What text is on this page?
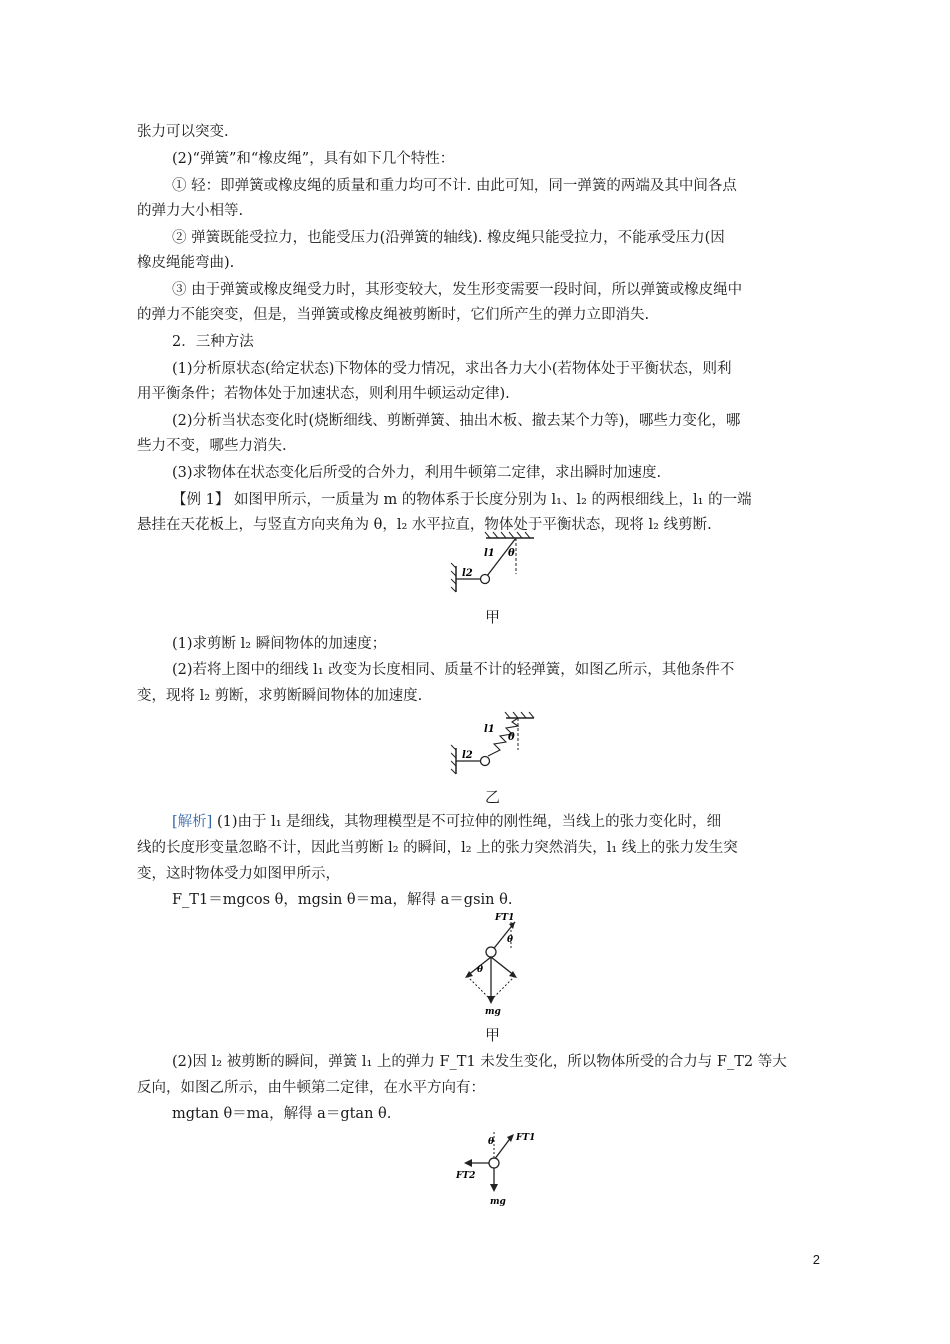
张力可以突变.
(2)“弹簧”和“橡皮绳”，具有如下几个特性：
① 轻：即弹簧或橡皮绳的质量和重力均可不计. 由此可知，同一弹簧的两端及其中间各点
的弹力大小相等.
② 弹簧既能受拉力，也能受压力(沿弹簧的轴线). 橡皮绳只能受拉力，不能承受压力(因
橡皮绳能弯曲).
③ 由于弹簧或橡皮绳受力时，其形变较大，发生形变需要一段时间，所以弹簧或橡皮绳中
的弹力不能突变，但是，当弹簧或橡皮绳被剪断时，它们所产生的弹力立即消失.
2．三种方法
(1)分析原状态(给定状态)下物体的受力情况，求出各力大小(若物体处于平衡状态，则利
用平衡条件；若物体处于加速状态，则利用牛顿运动定律).
(2)分析当状态变化时(烧断细线、剪断弹簧、抽出木板、撤去某个力等)，哪些力变化，哪
些力不变，哪些力消失.
(3)求物体在状态变化后所受的合外力，利用牛顿第二定律，求出瞬时加速度.
【例 1】 如图甲所示，一质量为 m 的物体系于长度分别为 l₁、l₂ 的两根细线上，l₁ 的一端
悬挂在天花板上，与竖直方向夹角为 θ，l₂ 水平拉直，物体处于平衡状态，现将 l₂ 线剪断.
l1
l2
θ
甲
(1)求剪断 l₂ 瞬间物体的加速度；
(2)若将上图中的细线 l₁ 改变为长度相同、质量不计的轻弹簧，如图乙所示，其他条件不
变，现将 l₂ 剪断，求剪断瞬间物体的加速度.
l1
l2
θ
乙
[解析] (1)由于 l₁ 是细线，其物理模型是不可拉伸的刚性绳，当线上的张力变化时，细
线的长度形变量忽略不计，因此当剪断 l₂ 的瞬间，l₂ 上的张力突然消失，l₁ 线上的张力发生突
变，这时物体受力如图甲所示，
F_T1＝mgcos θ，mgsin θ＝ma，解得 a＝gsin θ.
FT1
θ
θ
mg
甲
(2)因 l₂ 被剪断的瞬间，弹簧 l₁ 上的弹力 F_T1 未发生变化，所以物体所受的合力与 F_T2 等大
反向，如图乙所示，由牛顿第二定律，在水平方向有：
mgtan θ＝ma，解得 a＝gtan θ.
FT1
θ
FT2
mg
2
